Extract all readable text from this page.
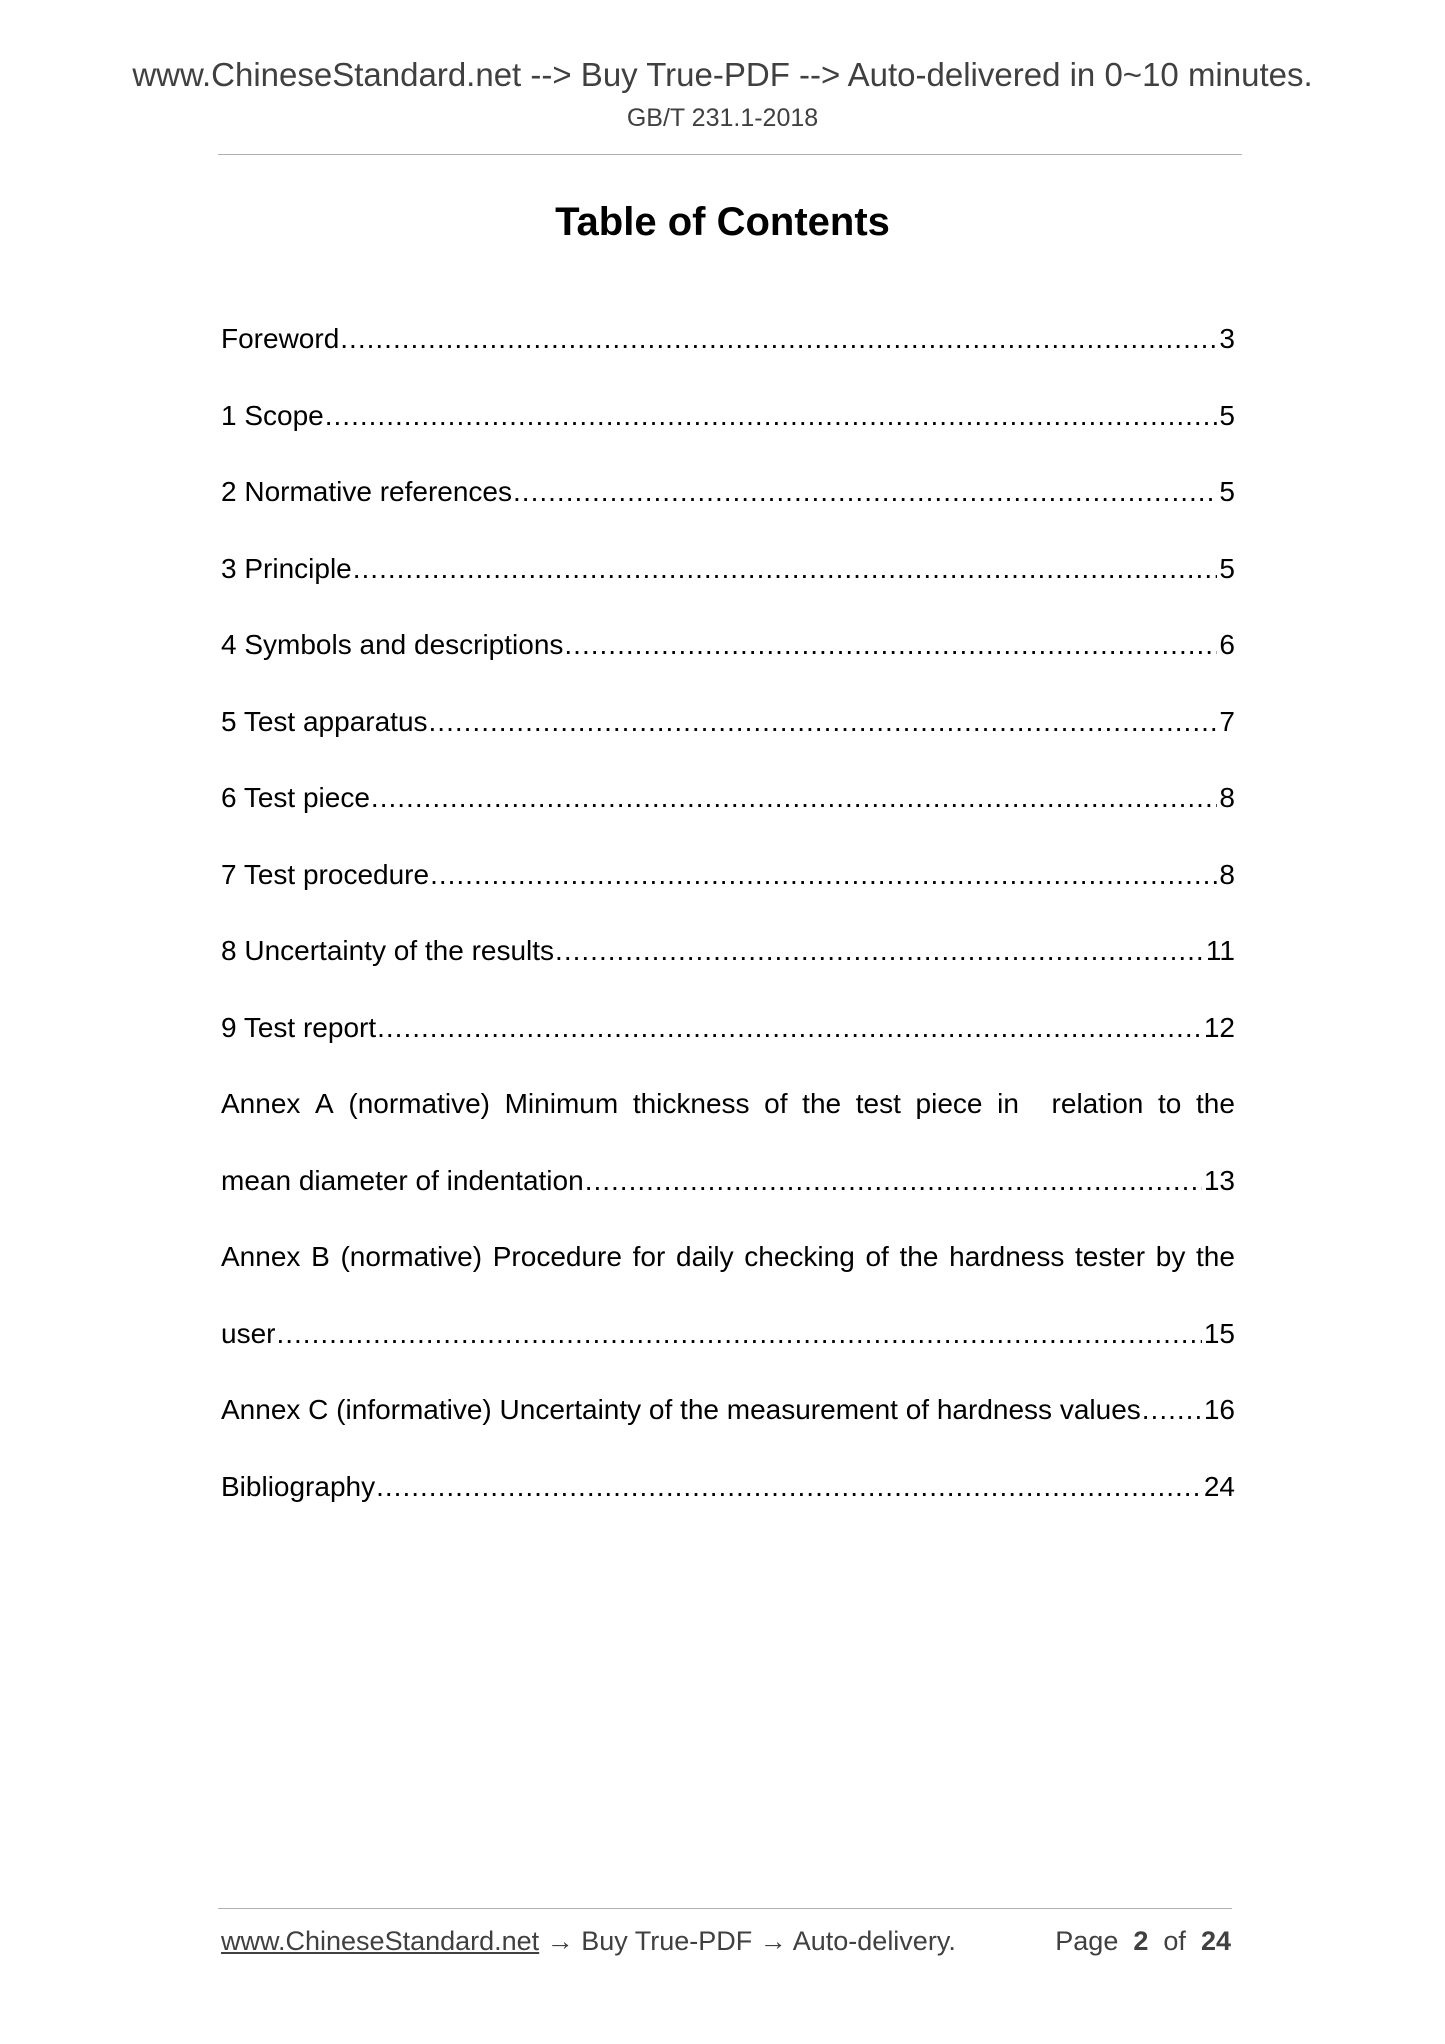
www.ChineseStandard.net --> Buy True-PDF --> Auto-delivered in 0~10 minutes.
GB/T 231.1-2018
Table of Contents
Foreword .....	3
1 Scope .....	5
2 Normative references .....	5
3 Principle .....	5
4 Symbols and descriptions .....	6
5 Test apparatus .....	7
6 Test piece .....	8
7 Test procedure .....	8
8 Uncertainty of the results .....	11
9 Test report .....	12
Annex A (normative) Minimum thickness of the test piece in relation to the
mean diameter of indentation .....	13
Annex B (normative) Procedure for daily checking of the hardness tester by the
user .....	15
Annex C (informative) Uncertainty of the measurement of hardness values ..... 16
Bibliography .....	24
www.ChineseStandard.net → Buy True-PDF → Auto-delivery.	Page 2 of 24
